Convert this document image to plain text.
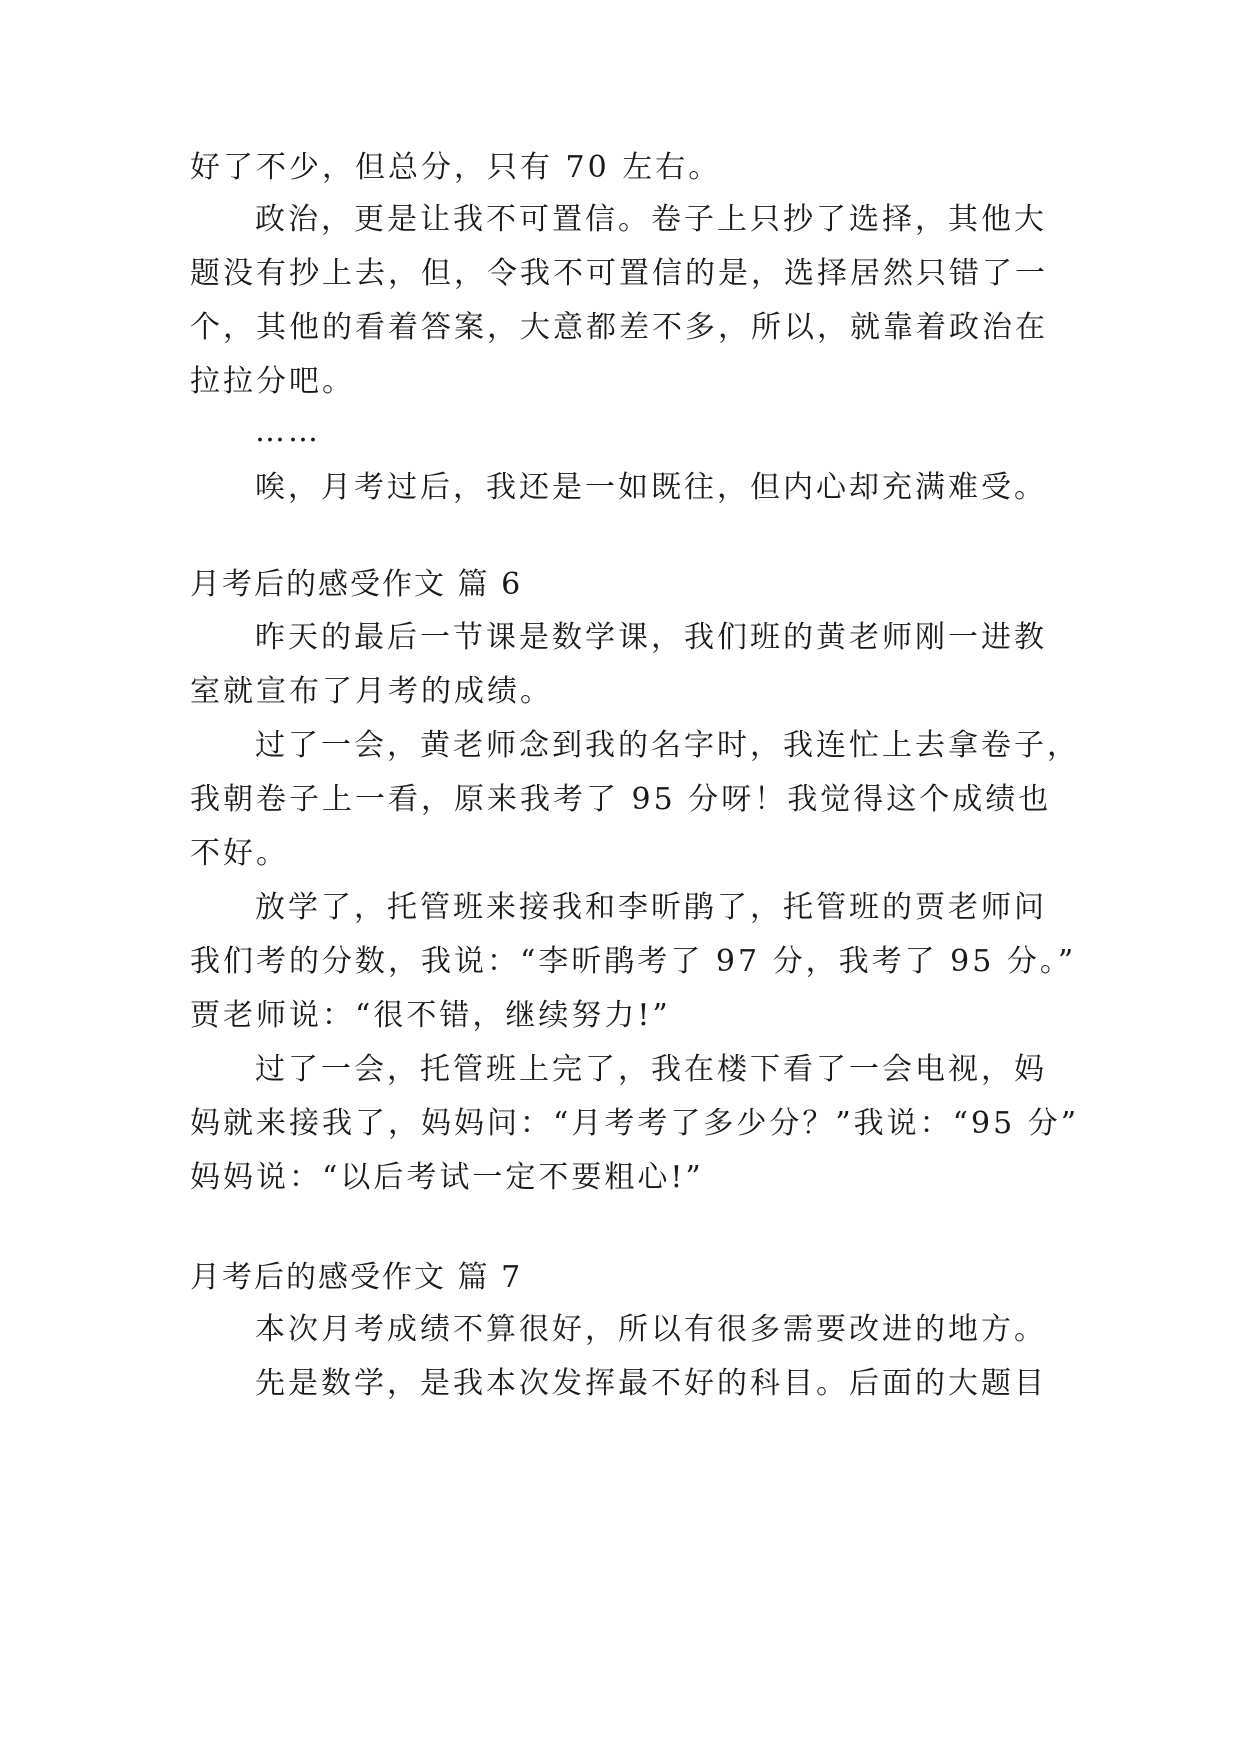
好了不少，但总分，只有 70 左右。
政治，更是让我不可置信。卷子上只抄了选择，其他大
题没有抄上去，但，令我不可置信的是，选择居然只错了一
个，其他的看着答案，大意都差不多，所以，就靠着政治在
拉拉分吧。
……
唉，月考过后，我还是一如既往，但内心却充满难受。
月考后的感受作文 篇 6
昨天的最后一节课是数学课，我们班的黄老师刚一进教
室就宣布了月考的成绩。
过了一会，黄老师念到我的名字时，我连忙上去拿卷子，
我朝卷子上一看，原来我考了 95 分呀！我觉得这个成绩也
不好。
放学了，托管班来接我和李昕鹃了，托管班的贾老师问
我们考的分数，我说：“李昕鹃考了 97 分，我考了 95 分。”
贾老师说：“很不错，继续努力!”
过了一会，托管班上完了，我在楼下看了一会电视，妈
妈就来接我了，妈妈问：“月考考了多少分？”我说：“95 分”
妈妈说：“以后考试一定不要粗心!”
月考后的感受作文 篇 7
本次月考成绩不算很好，所以有很多需要改进的地方。
先是数学，是我本次发挥最不好的科目。后面的大题目
